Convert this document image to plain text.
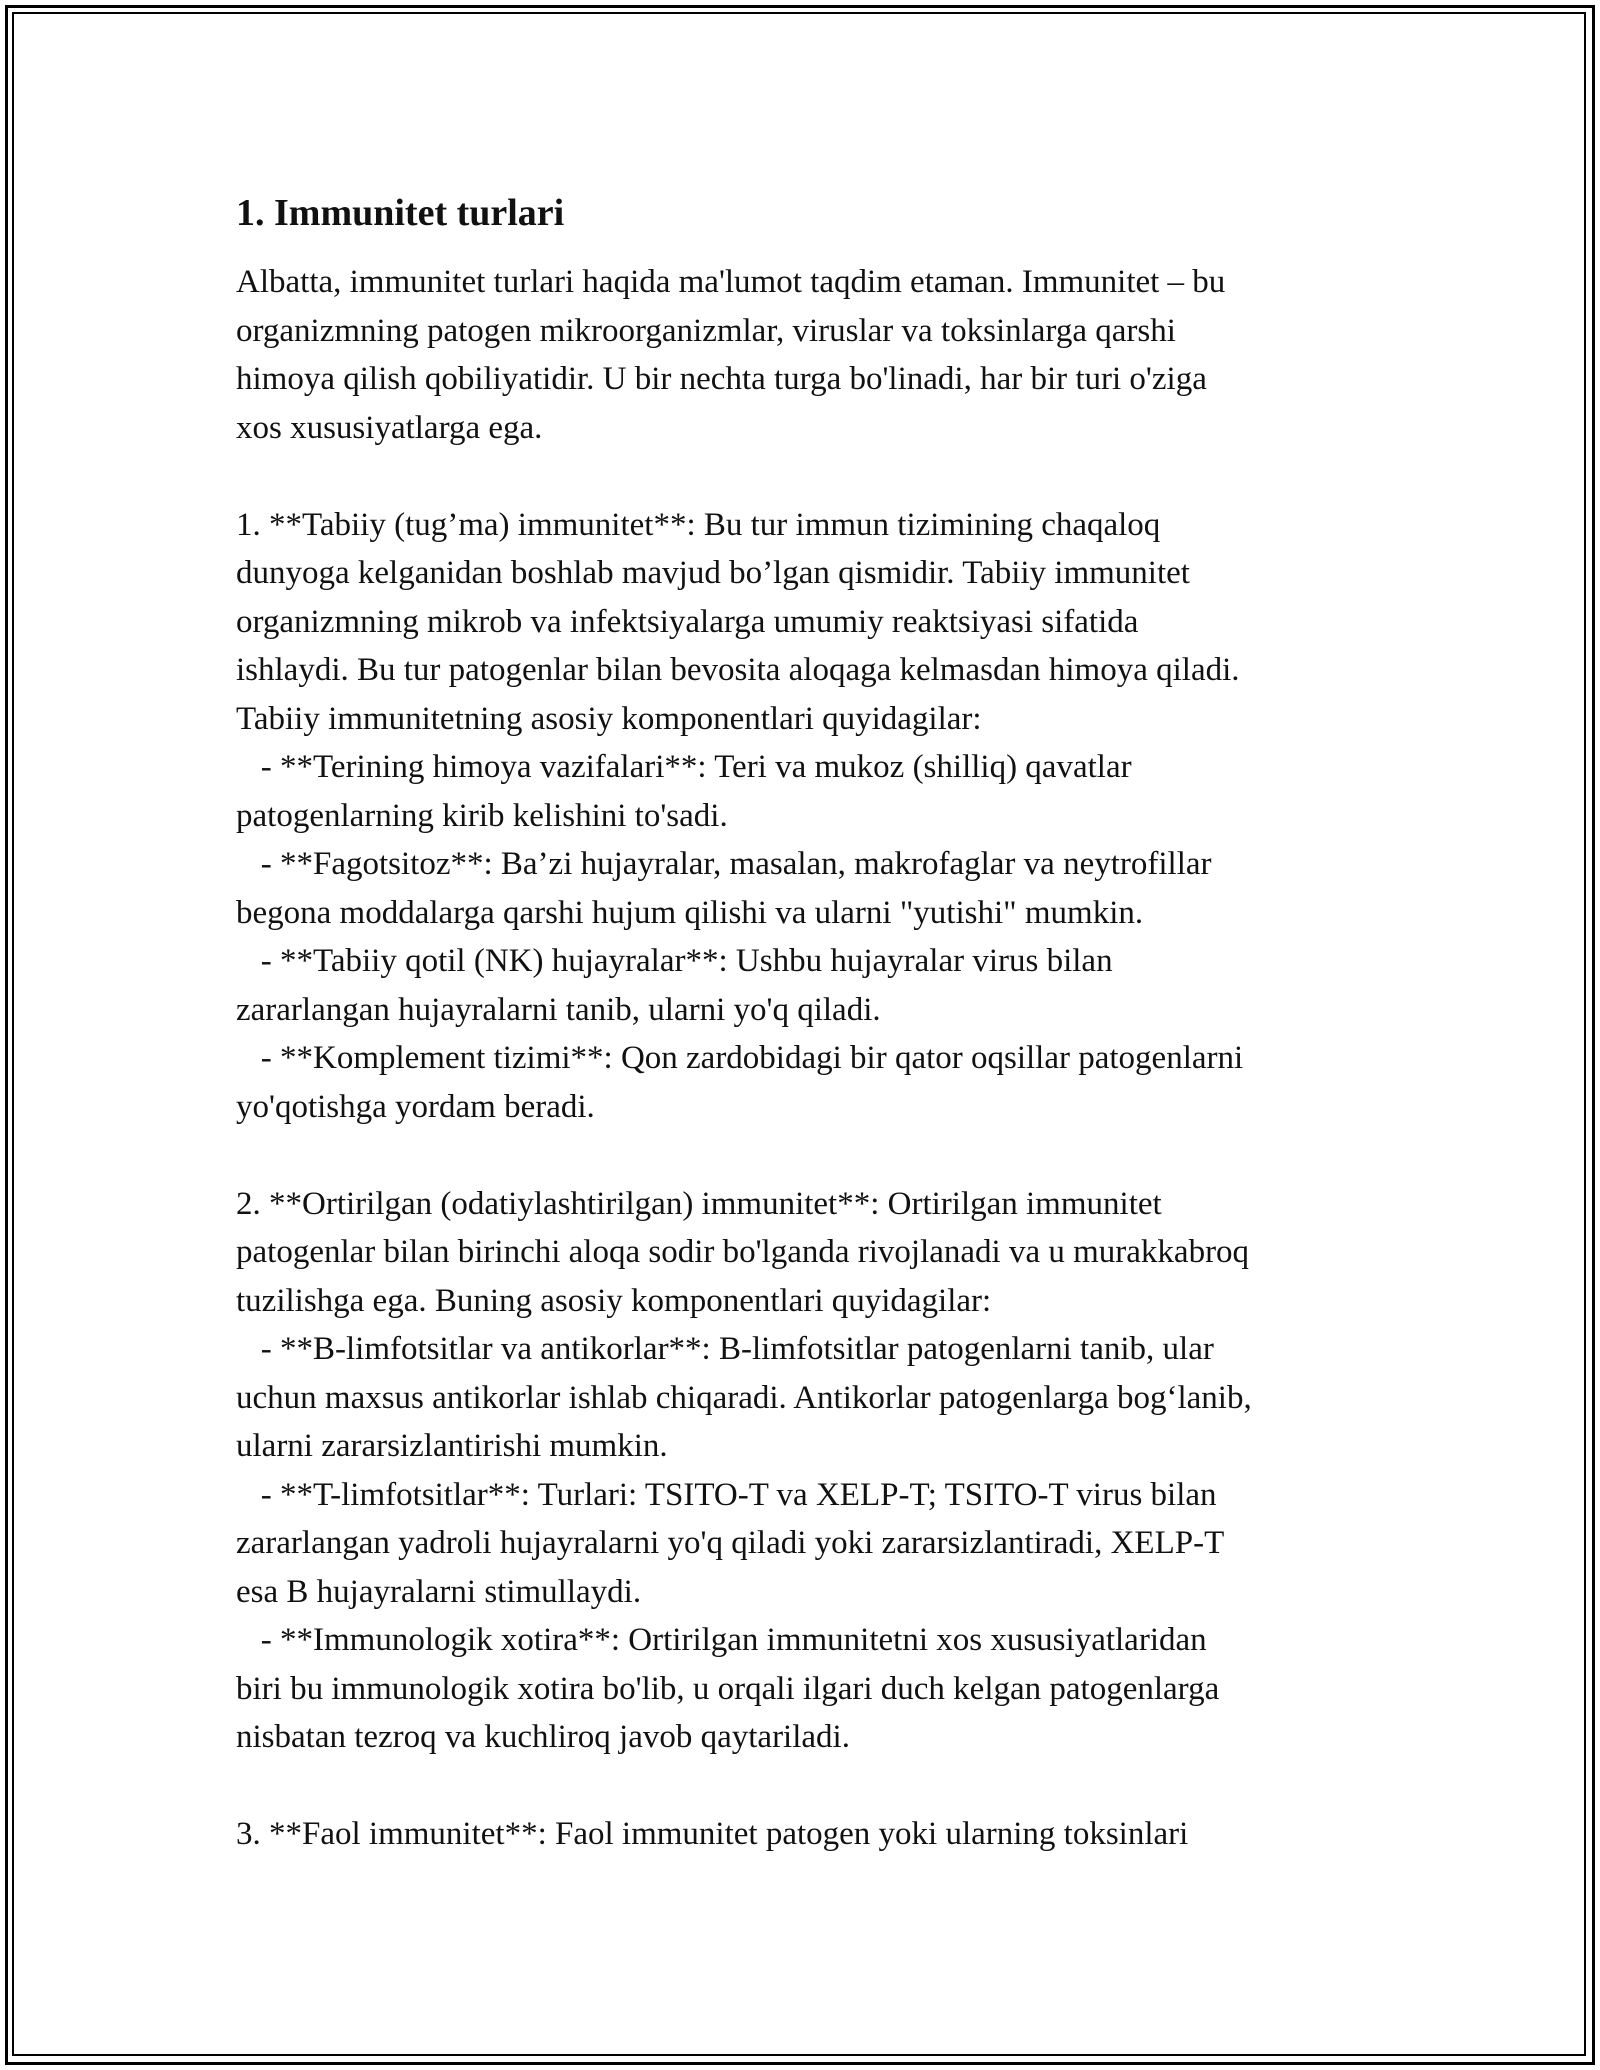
1. Immunitet turlari
Albatta, immunitet turlari haqida ma'lumot taqdim etaman. Immunitet – bu
organizmning patogen mikroorganizmlar, viruslar va toksinlarga qarshi
himoya qilish qobiliyatidir. U bir nechta turga bo'linadi, har bir turi o'ziga
xos xususiyatlarga ega.
1. **Tabiiy (tug’ma) immunitet**: Bu tur immun tizimining chaqaloq
dunyoga kelganidan boshlab mavjud bo’lgan qismidir. Tabiiy immunitet
organizmning mikrob va infektsiyalarga umumiy reaktsiyasi sifatida
ishlaydi. Bu tur patogenlar bilan bevosita aloqaga kelmasdan himoya qiladi.
Tabiiy immunitetning asosiy komponentlari quyidagilar:
- **Terining himoya vazifalari**: Teri va mukoz (shilliq) qavatlar
patogenlarning kirib kelishini to'sadi.
- **Fagotsitoz**: Ba’zi hujayralar, masalan, makrofaglar va neytrofillar
begona moddalarga qarshi hujum qilishi va ularni "yutishi" mumkin.
- **Tabiiy qotil (NK) hujayralar**: Ushbu hujayralar virus bilan
zararlangan hujayralarni tanib, ularni yo'q qiladi.
- **Komplement tizimi**: Qon zardobidagi bir qator oqsillar patogenlarni
yo'qotishga yordam beradi.
2. **Ortirilgan (odatiylashtirilgan) immunitet**: Ortirilgan immunitet
patogenlar bilan birinchi aloqa sodir bo'lganda rivojlanadi va u murakkabroq
tuzilishga ega. Buning asosiy komponentlari quyidagilar:
- **B-limfotsitlar va antikorlar**: B-limfotsitlar patogenlarni tanib, ular
uchun maxsus antikorlar ishlab chiqaradi. Antikorlar patogenlarga bog‘lanib,
ularni zararsizlantirishi mumkin.
- **T-limfotsitlar**: Turlari: TSITO-T va XELP-T; TSITO-T virus bilan
zararlangan yadroli hujayralarni yo'q qiladi yoki zararsizlantiradi, XELP-T
esa B hujayralarni stimullaydi.
- **Immunologik xotira**: Ortirilgan immunitetni xos xususiyatlaridan
biri bu immunologik xotira bo'lib, u orqali ilgari duch kelgan patogenlarga
nisbatan tezroq va kuchliroq javob qaytariladi.
3. **Faol immunitet**: Faol immunitet patogen yoki ularning toksinlari
